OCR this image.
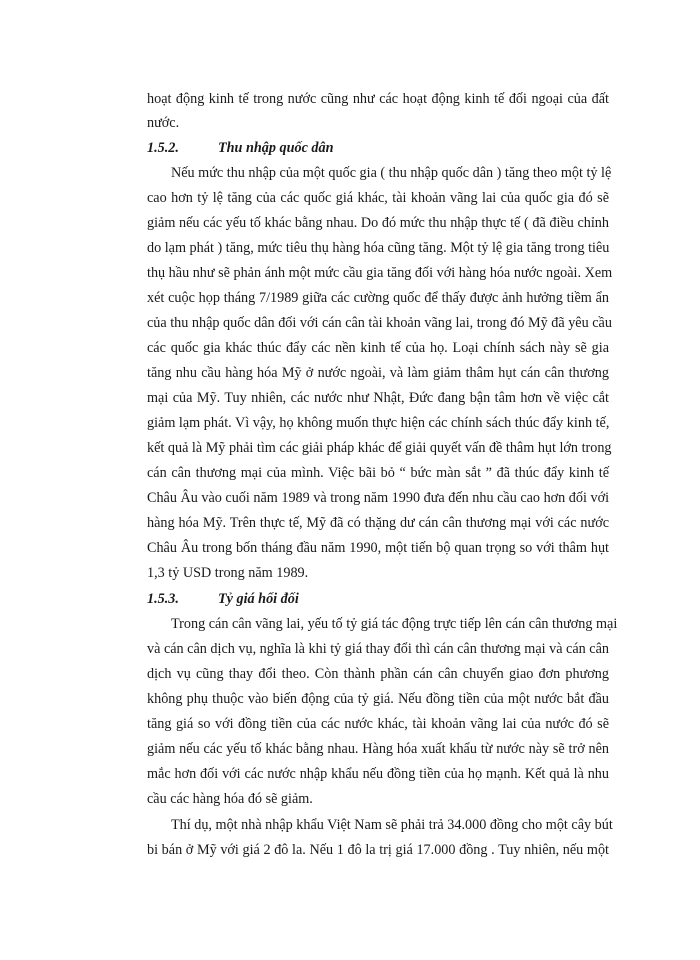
hoạt động kinh tế trong nước cũng như các hoạt động kinh tế đối ngoại của đất
nước.
1.5.2.	Thu nhập quốc dân
Nếu mức thu nhập của một quốc gia ( thu nhập quốc dân ) tăng theo một tỷ lệ
cao hơn tỷ lệ tăng của các quốc giá khác, tài khoản vãng lai của quốc gia đó sẽ
giảm nếu các yếu tố khác bằng nhau. Do đó mức thu nhập thực tế ( đã điều chỉnh
do lạm phát ) tăng, mức tiêu thụ hàng hóa cũng tăng. Một tỷ lệ gia tăng trong tiêu
thụ hầu như sẽ phản ánh một mức cầu gia tăng đối với hàng hóa nước ngoài. Xem
xét cuộc họp tháng 7/1989 giữa các cường quốc để thấy được ảnh hưởng tiềm ẩn
của thu nhập quốc dân đối với cán cân tài khoản vãng lai, trong đó Mỹ đã yêu cầu
các quốc gia khác thúc đẩy các nền kinh tế của họ. Loại chính sách này sẽ gia
tăng nhu cầu hàng hóa Mỹ ở nước ngoài, và làm giảm thâm hụt cán cân thương
mại của Mỹ. Tuy nhiên, các nước như Nhật, Đức đang bận tâm hơn về việc cắt
giảm lạm phát. Vì vậy, họ không muốn thực hiện các chính sách thúc đẩy kinh tế,
kết quả là Mỹ phải tìm các giải pháp khác để giải quyết vấn đề thâm hụt lớn trong
cán cân thương mại của mình. Việc bãi bỏ “ bức màn sắt ” đã thúc đẩy kinh tế
Châu Âu vào cuối năm 1989 và trong năm 1990 đưa đến nhu cầu cao hơn đối với
hàng hóa Mỹ. Trên thực tế, Mỹ đã có thặng dư cán cân thương mại với các nước
Châu Âu trong bốn tháng đầu năm 1990, một tiến bộ quan trọng so với thâm hụt
1,3 tỷ USD trong năm 1989.
1.5.3.	Tỷ giá hối đối
Trong cán cân vãng lai, yếu tố tỷ giá tác động trực tiếp lên cán cân thương mại
và cán cân dịch vụ, nghĩa là khi tỷ giá thay đổi thì cán cân thương mại và cán cân
dịch vụ cũng thay đổi theo. Còn thành phần cán cân chuyển giao đơn phương
không phụ thuộc vào biến động của tỷ giá. Nếu đồng tiền của một nước bắt đầu
tăng giá so với đồng tiền của các nước khác, tài khoản vãng lai của nước đó sẽ
giảm nếu các yếu tố khác bằng nhau. Hàng hóa xuất khẩu từ nước này sẽ trở nên
mắc hơn đối với các nước nhập khẩu nếu đồng tiền của họ mạnh. Kết quả là nhu
cầu các hàng hóa đó sẽ giảm.
Thí dụ, một nhà nhập khẩu Việt Nam sẽ phải trả 34.000 đồng cho một cây bút
bi bán ở Mỹ với giá 2 đô la. Nếu 1 đô la trị giá 17.000 đồng . Tuy nhiên, nếu một
